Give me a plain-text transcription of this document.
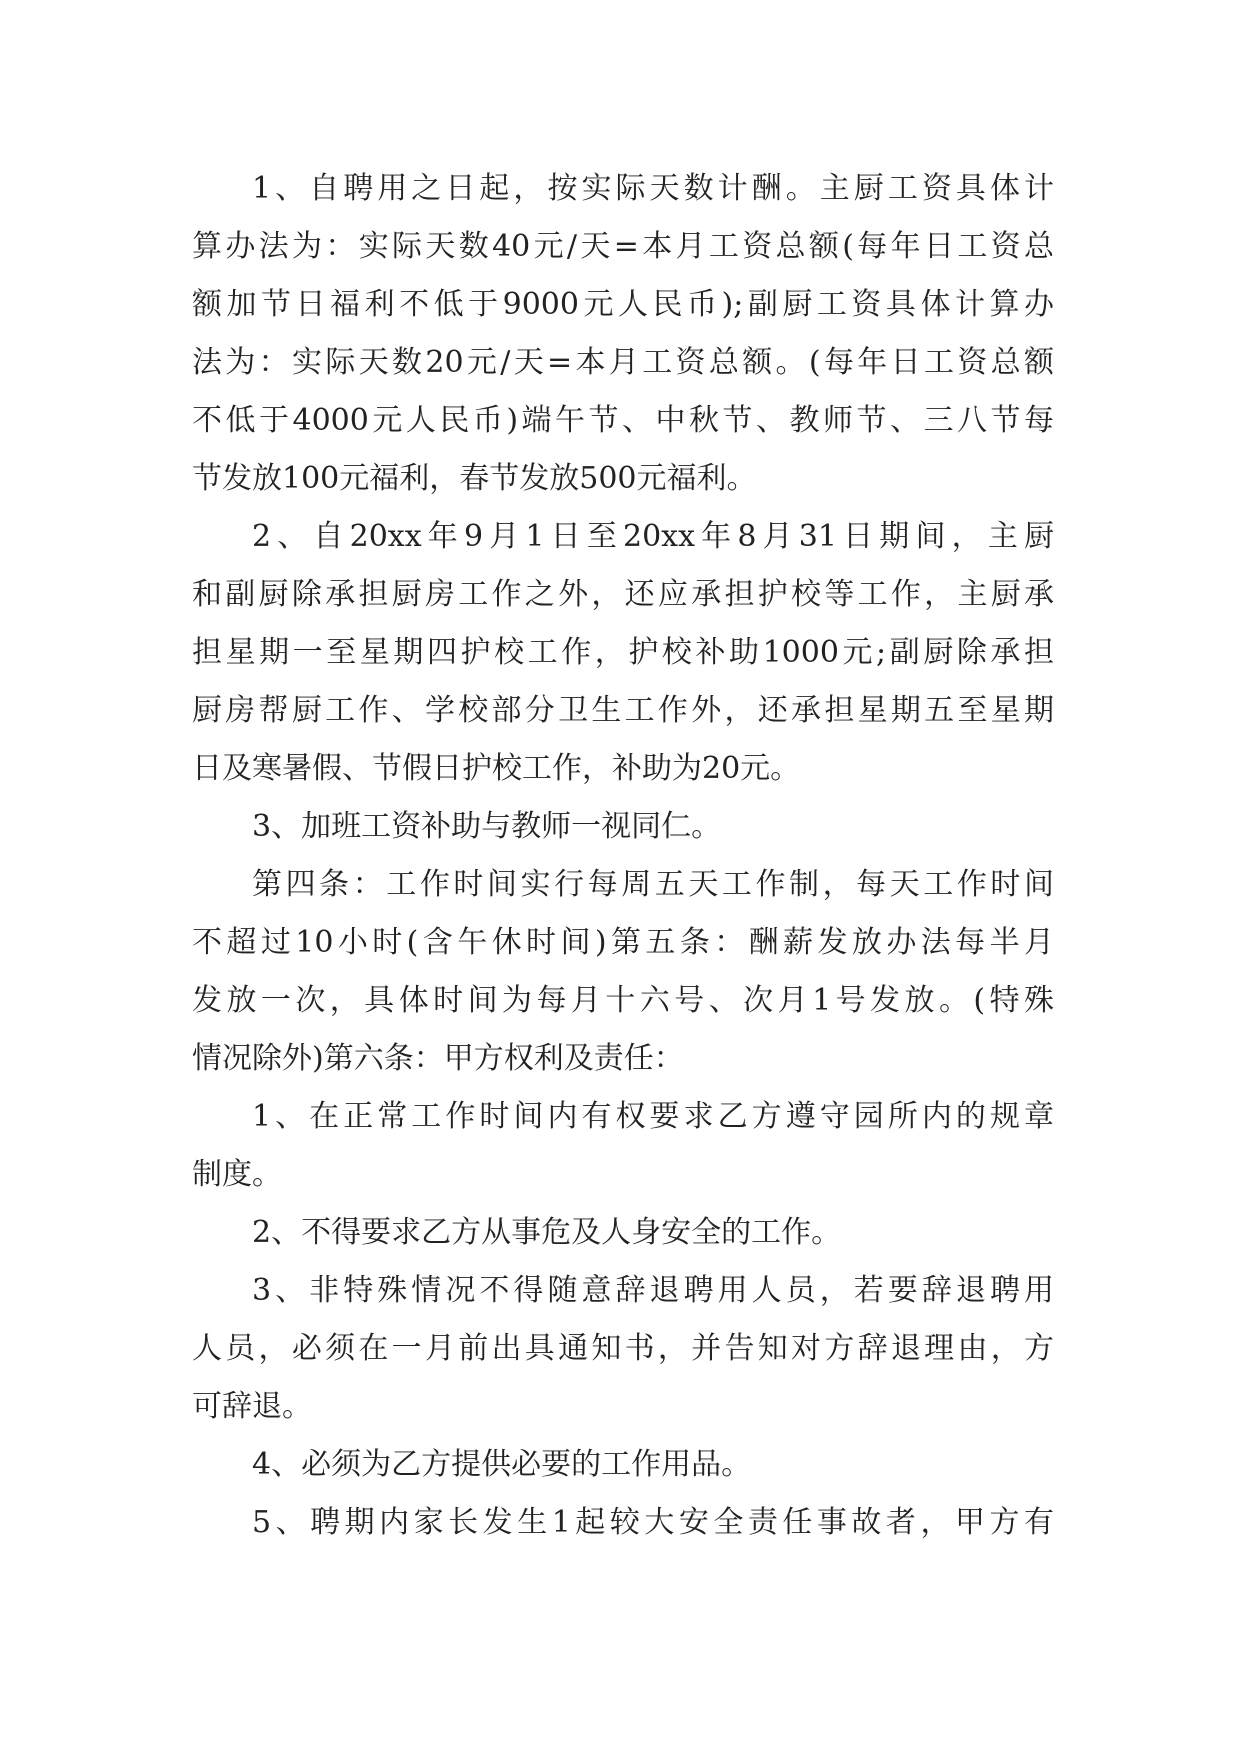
1、自聘用之日起，按实际天数计酬。主厨工资具体计
算办法为：实际天数40元/天=本月工资总额(每年日工资总
额加节日福利不低于9000元人民币);副厨工资具体计算办
法为：实际天数20元/天=本月工资总额。(每年日工资总额
不低于4000元人民币)端午节、中秋节、教师节、三八节每
节发放100元福利，春节发放500元福利。
2、自20xx年9月1日至20xx年8月31日期间，主厨
和副厨除承担厨房工作之外，还应承担护校等工作，主厨承
担星期一至星期四护校工作，护校补助1000元;副厨除承担
厨房帮厨工作、学校部分卫生工作外，还承担星期五至星期
日及寒暑假、节假日护校工作，补助为20元。
3、加班工资补助与教师一视同仁。
第四条：工作时间实行每周五天工作制，每天工作时间
不超过10小时(含午休时间)第五条：酬薪发放办法每半月
发放一次，具体时间为每月十六号、次月1号发放。(特殊
情况除外)第六条：甲方权利及责任：
1、在正常工作时间内有权要求乙方遵守园所内的规章
制度。
2、不得要求乙方从事危及人身安全的工作。
3、非特殊情况不得随意辞退聘用人员，若要辞退聘用
人员，必须在一月前出具通知书，并告知对方辞退理由，方
可辞退。
4、必须为乙方提供必要的工作用品。
5、聘期内家长发生1起较大安全责任事故者，甲方有
